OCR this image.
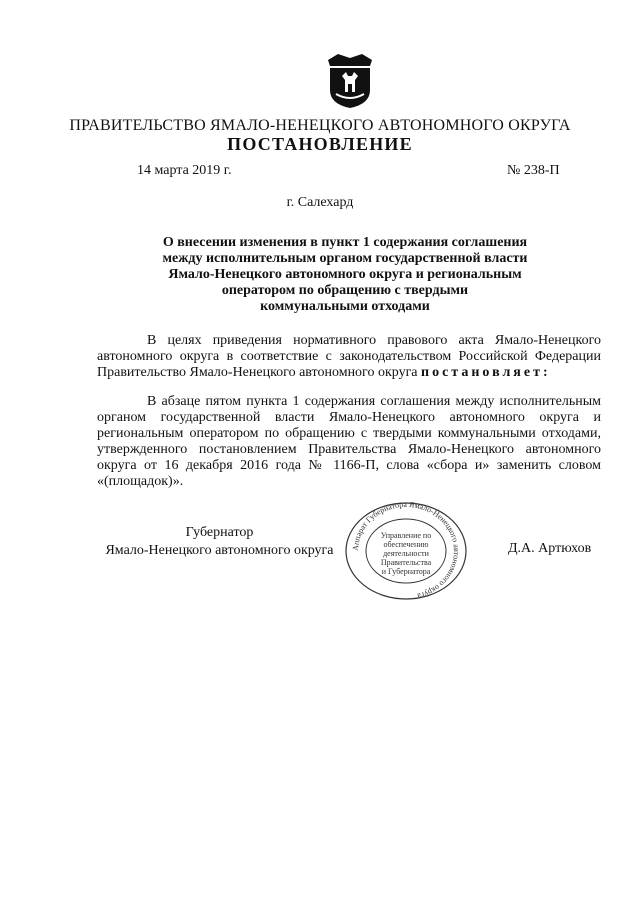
ПРАВИТЕЛЬСТВО ЯМАЛО-НЕНЕЦКОГО АВТОНОМНОГО ОКРУГА
ПОСТАНОВЛЕНИЕ
14 марта 2019 г.	№ 238-П
г. Салехард
О внесении изменения в пункт 1 содержания соглашения
между исполнительным органом государственной власти
Ямало-Ненецкого автономного округа и региональным
оператором по обращению с твердыми
коммунальными отходами

В целях приведения нормативного правового акта Ямало-Ненецкого автономного округа в соответствие с законодательством Российской Федерации Правительство Ямало-Ненецкого автономного округа постановляет:

В абзаце пятом пункта 1 содержания соглашения между исполнительным органом государственной власти Ямало-Ненецкого автономного округа и региональным оператором по обращению с твердыми коммунальными отходами, утвержденного постановлением Правительства Ямало-Ненецкого автономного округа от 16 декабря 2016 года № 1166-П, слова «сбора и» заменить словом «(площадок)».

Губернатор
Ямало-Ненецкого автономного округа	Аппарат Губернатора Ямало-Ненецкого автономного округа
Управление по
обеспечению
деятельности
Правительства
и Губернатора
Д.А. Артюхов
